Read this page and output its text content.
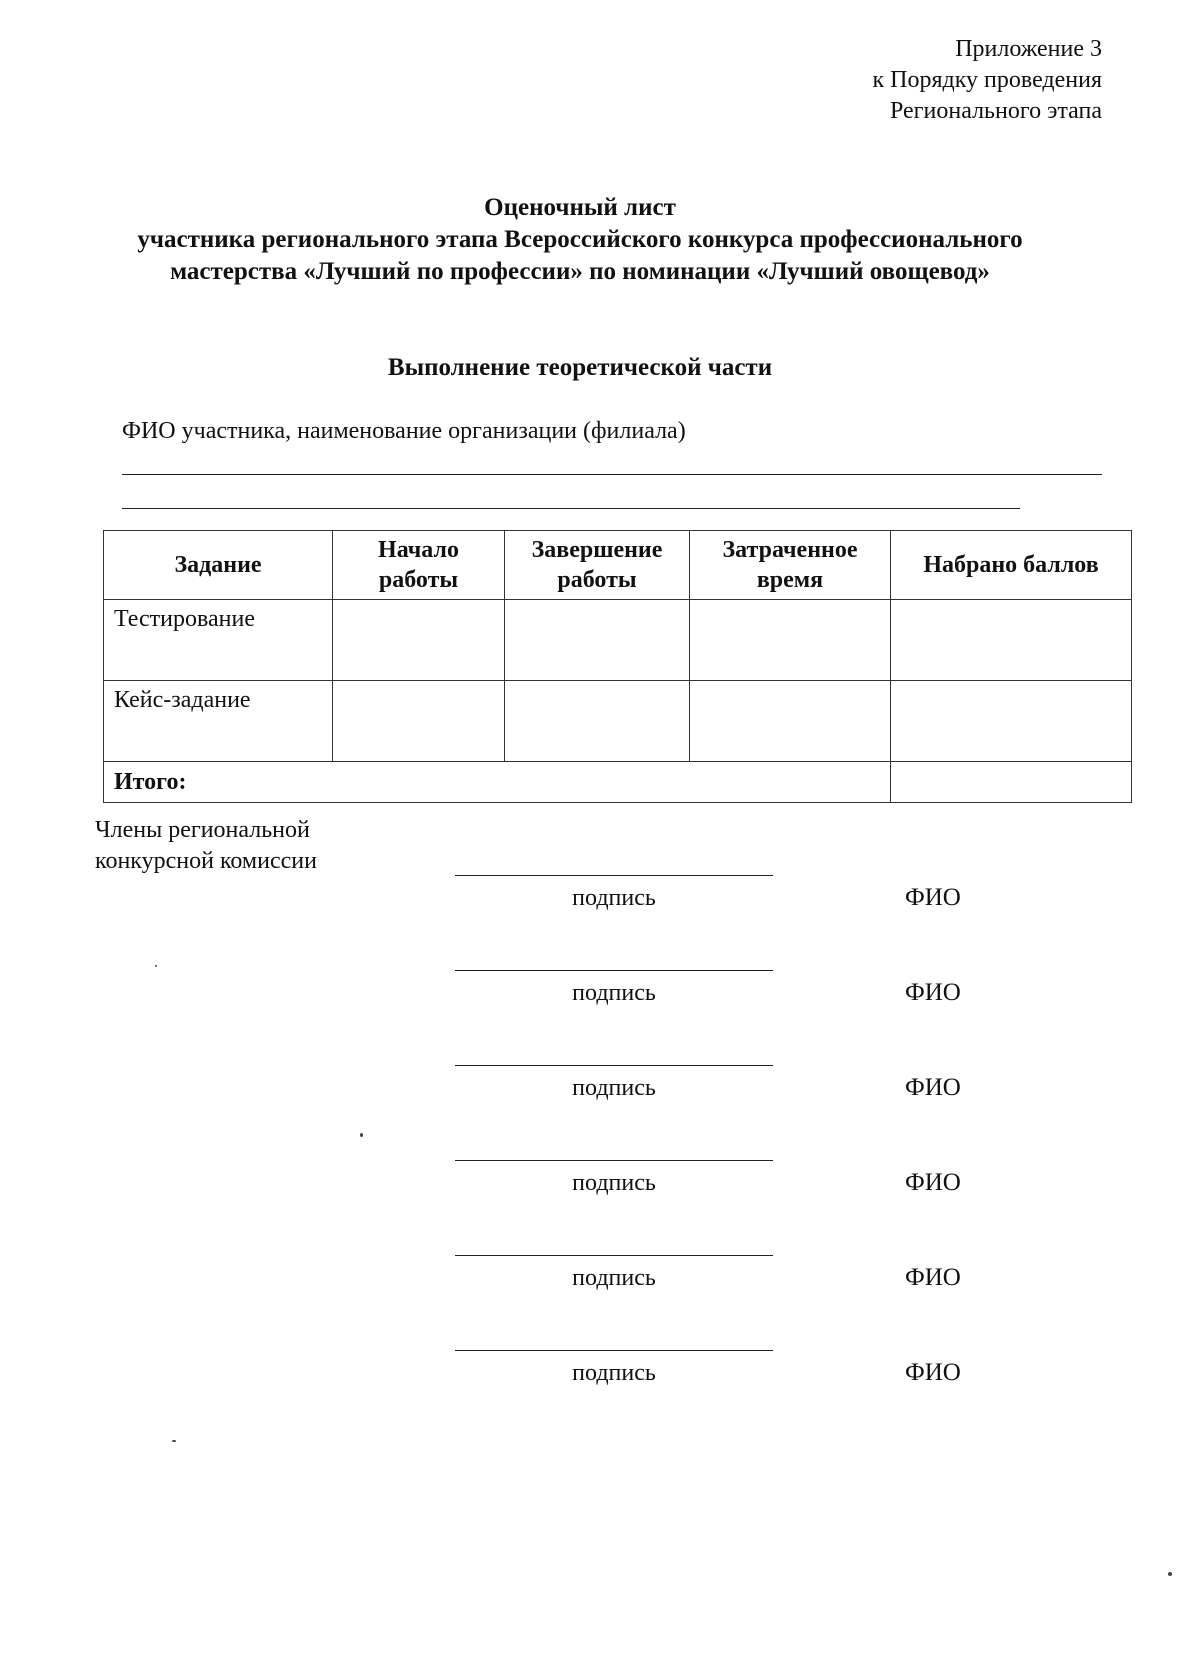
Приложение 3
к Порядку проведения
Регионального этапа
Оценочный лист
участника регионального этапа Всероссийского конкурса профессионального
мастерства «Лучший по профессии» по номинации «Лучший овощевод»
Выполнение теоретической части
ФИО участника, наименование организации (филиала)
Задание	Начало работы	Завершение работы	Затраченное время	Набрано баллов
Тестирование				
Кейс-задание				
Итого:				
Члены региональной
конкурсной комиссии
подпись	ФИО
подпись	ФИО
подпись	ФИО
подпись	ФИО
подпись	ФИО
подпись	ФИО
